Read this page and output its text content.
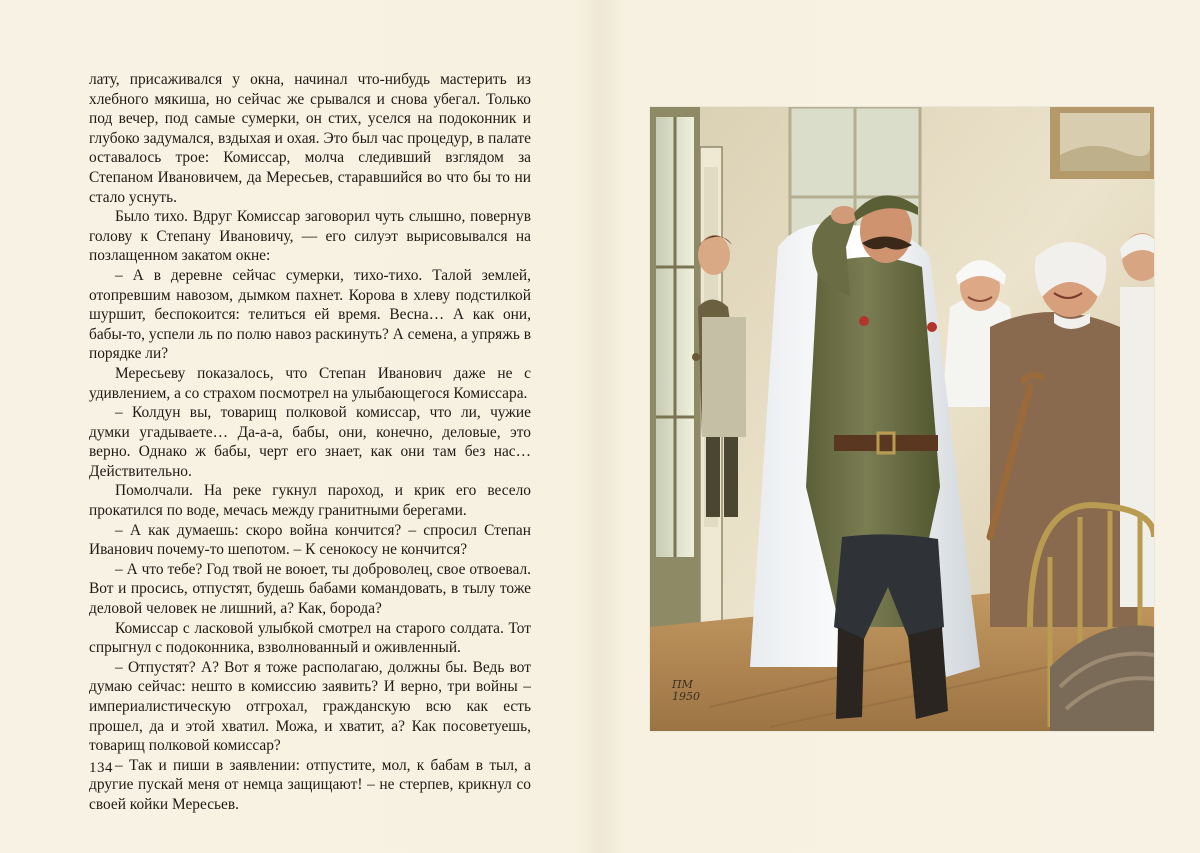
лату, присаживался у окна, начинал что-нибудь мастерить из хлебного мякиша, но сейчас же срывался и снова убегал. Только под вечер, под самые сумерки, он стих, уселся на подоконник и глубоко задумался, вздыхая и охая. Это был час процедур, в палате оставалось трое: Комиссар, молча следивший взглядом за Степаном Ивановичем, да Мересьев, старавшийся во что бы то ни стало уснуть.

Было тихо. Вдруг Комиссар заговорил чуть слышно, повернув голову к Степану Ивановичу, — его силуэт вырисовывался на позлащенном закатом окне:

– А в деревне сейчас сумерки, тихо-тихо. Талой землей, отопревшим навозом, дымком пахнет. Корова в хлеву подстилкой шуршит, беспокоится: телиться ей время. Весна… А как они, бабы-то, успели ль по полю навоз раскинуть? А семена, а упряжь в порядке ли?

Мересьеву показалось, что Степан Иванович даже не с удивлением, а со страхом посмотрел на улыбающегося Комиссара.

– Колдун вы, товарищ полковой комиссар, что ли, чужие думки угадываете… Да-а-а, бабы, они, конечно, деловые, это верно. Однако ж бабы, черт его знает, как они там без нас… Действительно.

Помолчали. На реке гукнул пароход, и крик его весело прокатился по воде, мечась между гранитными берегами.

– А как думаешь: скоро война кончится? – спросил Степан Иванович почему-то шепотом. – К сенокосу не кончится?

– А что тебе? Год твой не воюет, ты доброволец, свое отвоевал. Вот и просись, отпустят, будешь бабами командовать, в тылу тоже деловой человек не лишний, а? Как, борода?

Комиссар с ласковой улыбкой смотрел на старого солдата. Тот спрыгнул с подоконника, взволнованный и оживленный.

– Отпустят? А? Вот я тоже располагаю, должны бы. Ведь вот думаю сейчас: нешто в комиссию заявить? И верно, три войны – империалистическую отгрохал, гражданскую всю как есть прошел, да и этой хватил. Можа, и хватит, а? Как посоветуешь, товарищ полковой комиссар?

– Так и пиши в заявлении: отпустите, мол, к бабам в тыл, а другие пускай меня от немца защищают! – не стерпев, крикнул со своей койки Мересьев.

134
ПМ
1950
